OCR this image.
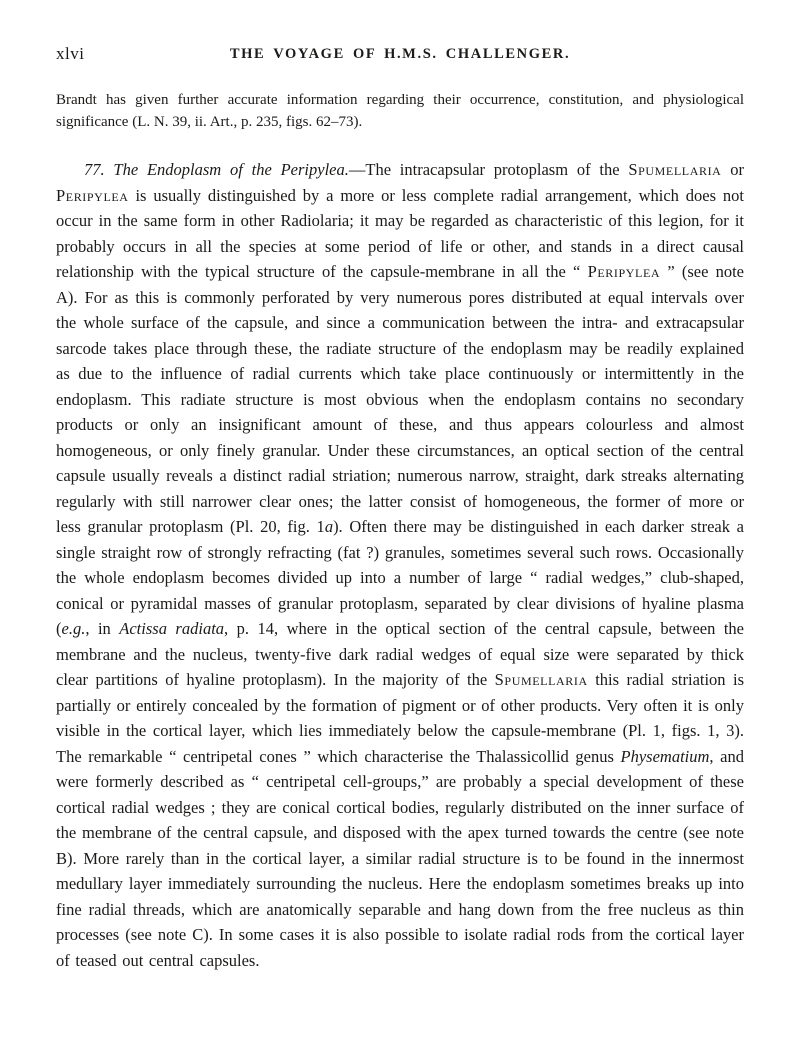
xlvi	THE VOYAGE OF H.M.S. CHALLENGER.

Brandt has given further accurate information regarding their occurrence, constitution, and physiological significance (L. N. 39, ii. Art., p. 235, figs. 62–73).

77. The Endoplasm of the Peripylea.—The intracapsular protoplasm of the Spumellaria or Peripylea is usually distinguished by a more or less complete radial arrangement, which does not occur in the same form in other Radiolaria; it may be regarded as characteristic of this legion, for it probably occurs in all the species at some period of life or other, and stands in a direct causal relationship with the typical structure of the capsule-membrane in all the “ Peripylea ” (see note A). For as this is commonly perforated by very numerous pores distributed at equal intervals over the whole surface of the capsule, and since a communication between the intra- and extracapsular sarcode takes place through these, the radiate structure of the endoplasm may be readily explained as due to the influence of radial currents which take place continuously or intermittently in the endoplasm. This radiate structure is most obvious when the endoplasm contains no secondary products or only an insignificant amount of these, and thus appears colourless and almost homogeneous, or only finely granular. Under these circumstances, an optical section of the central capsule usually reveals a distinct radial striation; numerous narrow, straight, dark streaks alternating regularly with still narrower clear ones; the latter consist of homogeneous, the former of more or less granular protoplasm (Pl. 20, fig. 1a). Often there may be distinguished in each darker streak a single straight row of strongly refracting (fat ?) granules, sometimes several such rows. Occasionally the whole endoplasm becomes divided up into a number of large “ radial wedges,” club-shaped, conical or pyramidal masses of granular protoplasm, separated by clear divisions of hyaline plasma (e.g., in Actissa radiata, p. 14, where in the optical section of the central capsule, between the membrane and the nucleus, twenty-five dark radial wedges of equal size were separated by thick clear partitions of hyaline protoplasm). In the majority of the Spumellaria this radial striation is partially or entirely concealed by the formation of pigment or of other products. Very often it is only visible in the cortical layer, which lies immediately below the capsule-membrane (Pl. 1, figs. 1, 3). The remarkable “ centripetal cones ” which characterise the Thalassicollid genus Physematium, and were formerly described as “ centripetal cell-groups,” are probably a special development of these cortical radial wedges ; they are conical cortical bodies, regularly distributed on the inner surface of the membrane of the central capsule, and disposed with the apex turned towards the centre (see note B). More rarely than in the cortical layer, a similar radial structure is to be found in the innermost medullary layer immediately surrounding the nucleus. Here the endoplasm sometimes breaks up into fine radial threads, which are anatomically separable and hang down from the free nucleus as thin processes (see note C). In some cases it is also possible to isolate radial rods from the cortical layer of teased out central capsules.
